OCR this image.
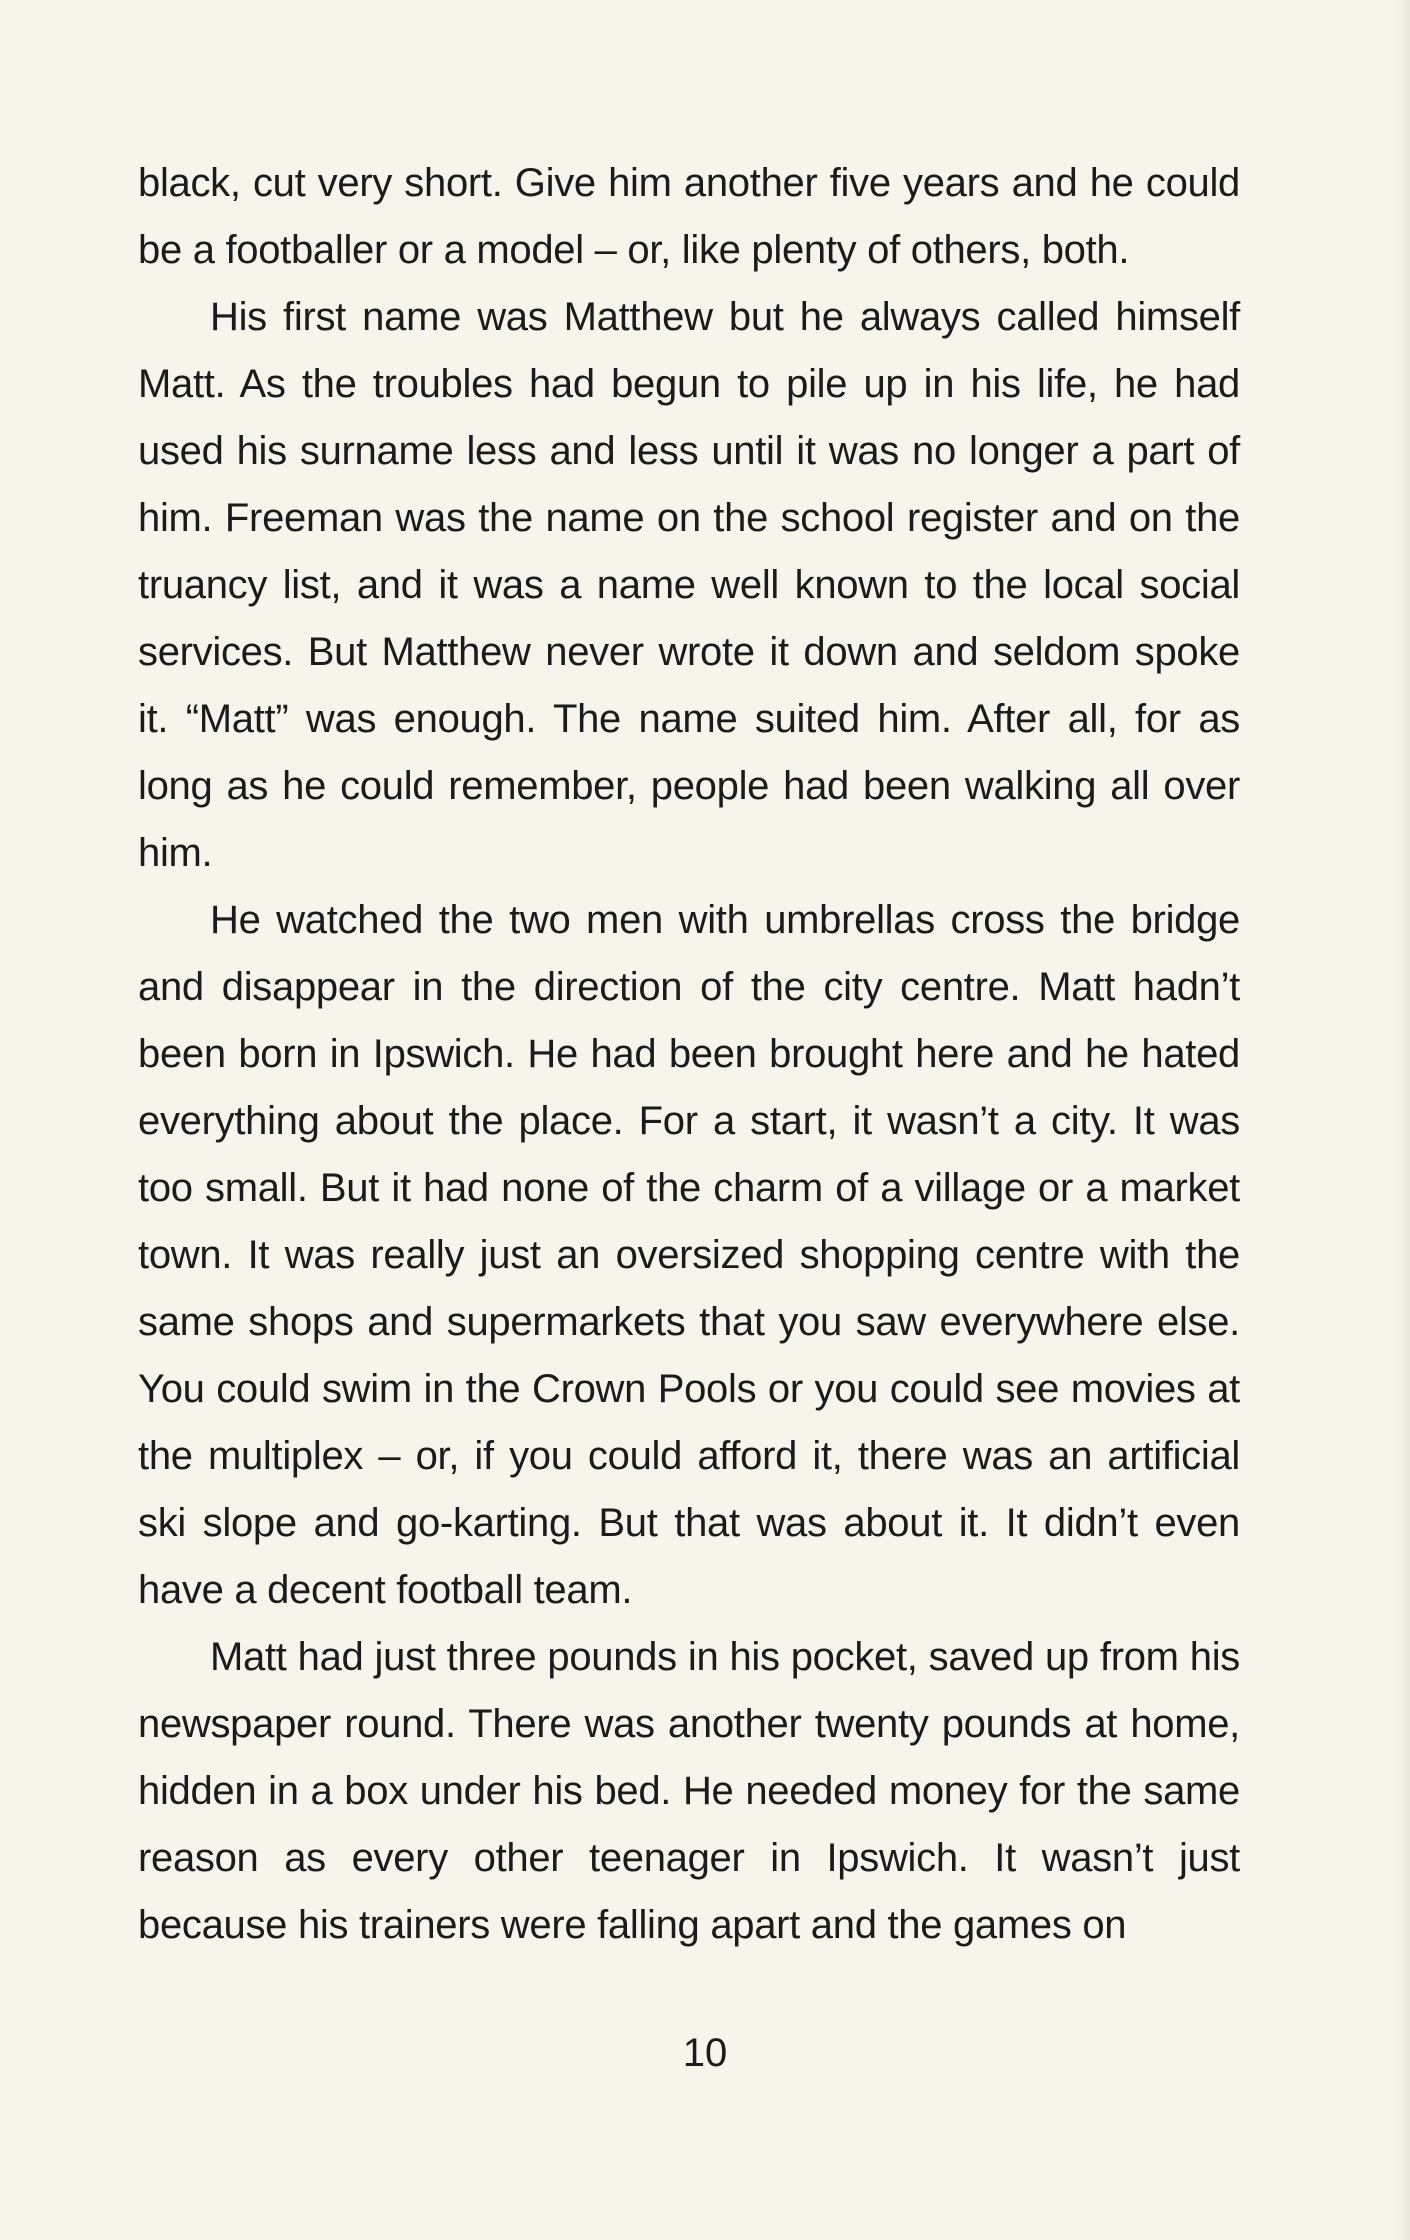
black, cut very short. Give him another five years and he could be a footballer or a model – or, like plenty of others, both.

His first name was Matthew but he always called himself Matt. As the troubles had begun to pile up in his life, he had used his surname less and less until it was no longer a part of him. Freeman was the name on the school register and on the truancy list, and it was a name well known to the local social services. But Matthew never wrote it down and seldom spoke it. “Matt” was enough. The name suited him. After all, for as long as he could remember, people had been walking all over him.

He watched the two men with umbrellas cross the bridge and disappear in the direction of the city centre. Matt hadn’t been born in Ipswich. He had been brought here and he hated everything about the place. For a start, it wasn’t a city. It was too small. But it had none of the charm of a village or a market town. It was really just an oversized shopping centre with the same shops and supermarkets that you saw everywhere else. You could swim in the Crown Pools or you could see movies at the multiplex – or, if you could afford it, there was an artificial ski slope and go-karting. But that was about it. It didn’t even have a decent football team.

Matt had just three pounds in his pocket, saved up from his newspaper round. There was another twenty pounds at home, hidden in a box under his bed. He needed money for the same reason as every other teenager in Ipswich. It wasn’t just because his trainers were falling apart and the games on

10
